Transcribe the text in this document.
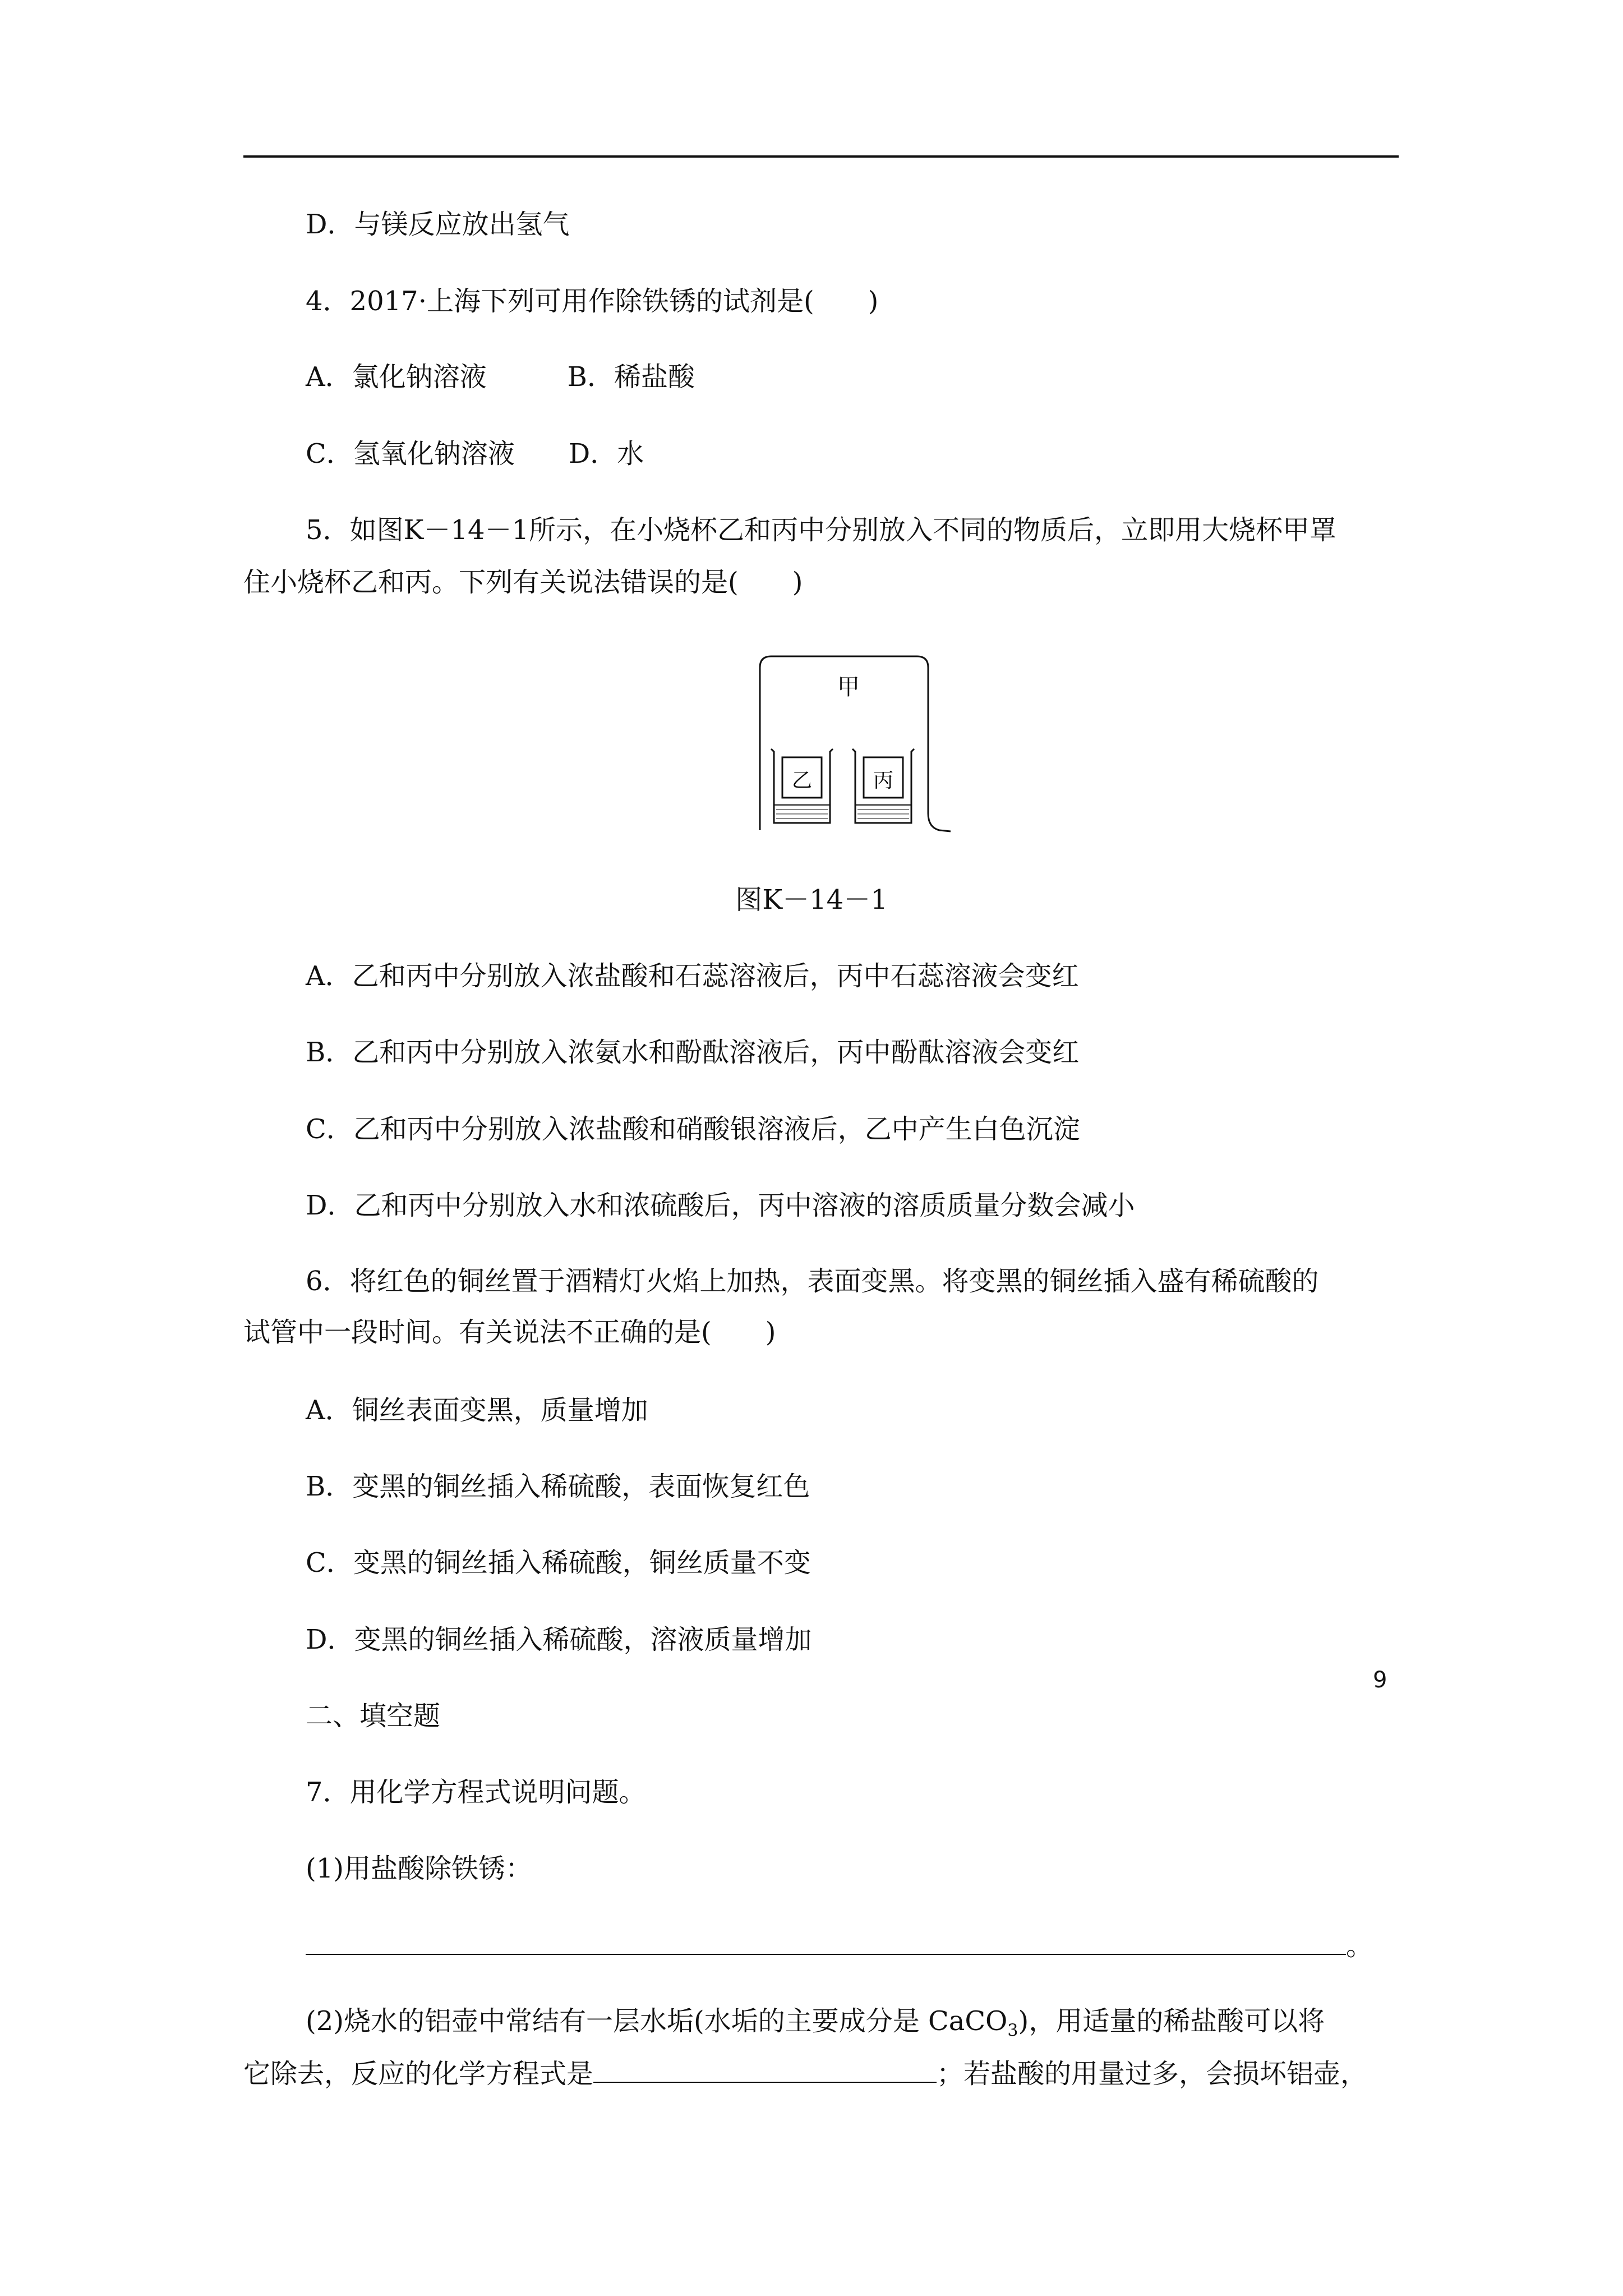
D．与镁反应放出氢气
4．2017·上海下列可用作除铁锈的试剂是(　　)
A．氯化钠溶液　　　B．稀盐酸
C．氢氧化钠溶液　　D．水
5．如图K－14－1所示，在小烧杯乙和丙中分别放入不同的物质后，立即用大烧杯甲罩
住小烧杯乙和丙。下列有关说法错误的是(　　)
甲
乙	丙
图K－14－1
A．乙和丙中分别放入浓盐酸和石蕊溶液后，丙中石蕊溶液会变红
B．乙和丙中分别放入浓氨水和酚酞溶液后，丙中酚酞溶液会变红
C．乙和丙中分别放入浓盐酸和硝酸银溶液后，乙中产生白色沉淀
D．乙和丙中分别放入水和浓硫酸后，丙中溶液的溶质质量分数会减小
6．将红色的铜丝置于酒精灯火焰上加热，表面变黑。将变黑的铜丝插入盛有稀硫酸的
试管中一段时间。有关说法不正确的是(　　)
A．铜丝表面变黑，质量增加
B．变黑的铜丝插入稀硫酸，表面恢复红色
C．变黑的铜丝插入稀硫酸，铜丝质量不变
D．变黑的铜丝插入稀硫酸，溶液质量增加
二、填空题
7．用化学方程式说明问题。
(1)用盐酸除铁锈：
。
(2)烧水的铝壶中常结有一层水垢(水垢的主要成分是 CaCO$_3$)，用适量的稀盐酸可以将
它除去，反应的化学方程式是	；若盐酸的用量过多，会损坏铝壶，
9
